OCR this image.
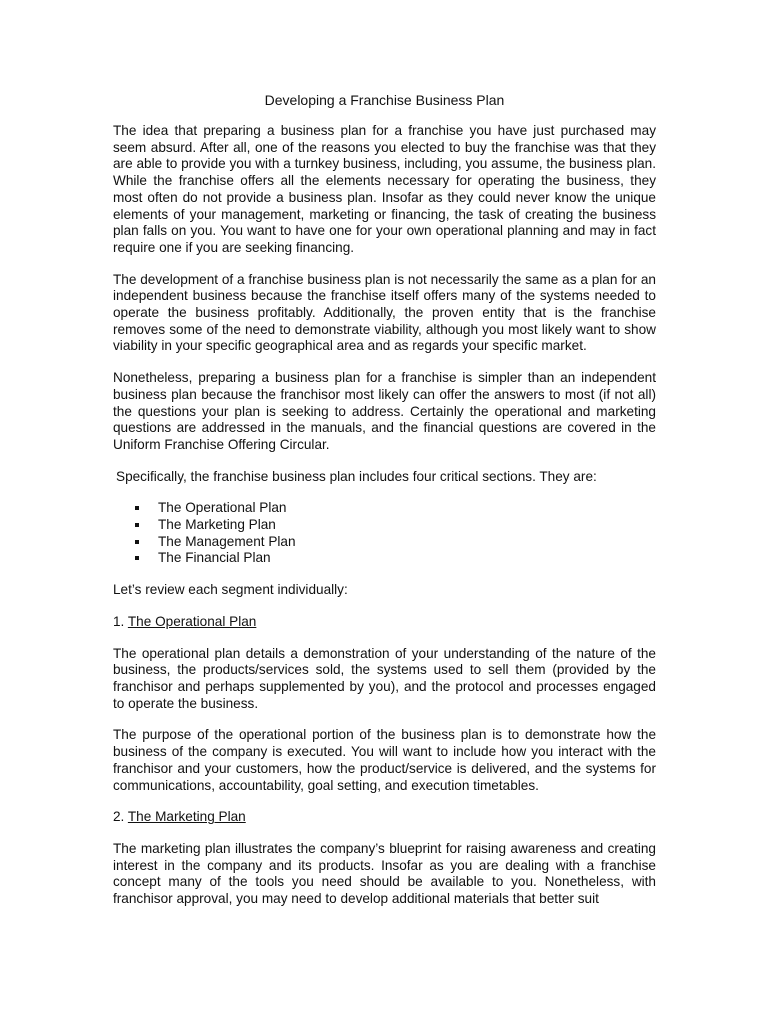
Developing a Franchise Business Plan

The idea that preparing a business plan for a franchise you have just purchased may seem absurd. After all, one of the reasons you elected to buy the franchise was that they are able to provide you with a turnkey business, including, you assume, the business plan. While the franchise offers all the elements necessary for operating the business, they most often do not provide a business plan. Insofar as they could never know the unique elements of your management, marketing or financing, the task of creating the business plan falls on you. You want to have one for your own operational planning and may in fact require one if you are seeking financing.

The development of a franchise business plan is not necessarily the same as a plan for an independent business because the franchise itself offers many of the systems needed to operate the business profitably. Additionally, the proven entity that is the franchise removes some of the need to demonstrate viability, although you most likely want to show viability in your specific geographical area and as regards your specific market.

Nonetheless, preparing a business plan for a franchise is simpler than an independent business plan because the franchisor most likely can offer the answers to most (if not all) the questions your plan is seeking to address. Certainly the operational and marketing questions are addressed in the manuals, and the financial questions are covered in the Uniform Franchise Offering Circular.

Specifically, the franchise business plan includes four critical sections. They are:

The Operational Plan
The Marketing Plan
The Management Plan
The Financial Plan

Let’s review each segment individually:

1. The Operational Plan

The operational plan details a demonstration of your understanding of the nature of the business, the products/services sold, the systems used to sell them (provided by the franchisor and perhaps supplemented by you), and the protocol and processes engaged to operate the business.

The purpose of the operational portion of the business plan is to demonstrate how the business of the company is executed. You will want to include how you interact with the franchisor and your customers, how the product/service is delivered, and the systems for communications, accountability, goal setting, and execution timetables.

2. The Marketing Plan

The marketing plan illustrates the company’s blueprint for raising awareness and creating interest in the company and its products. Insofar as you are dealing with a franchise concept many of the tools you need should be available to you. Nonetheless, with franchisor approval, you may need to develop additional materials that better suit
